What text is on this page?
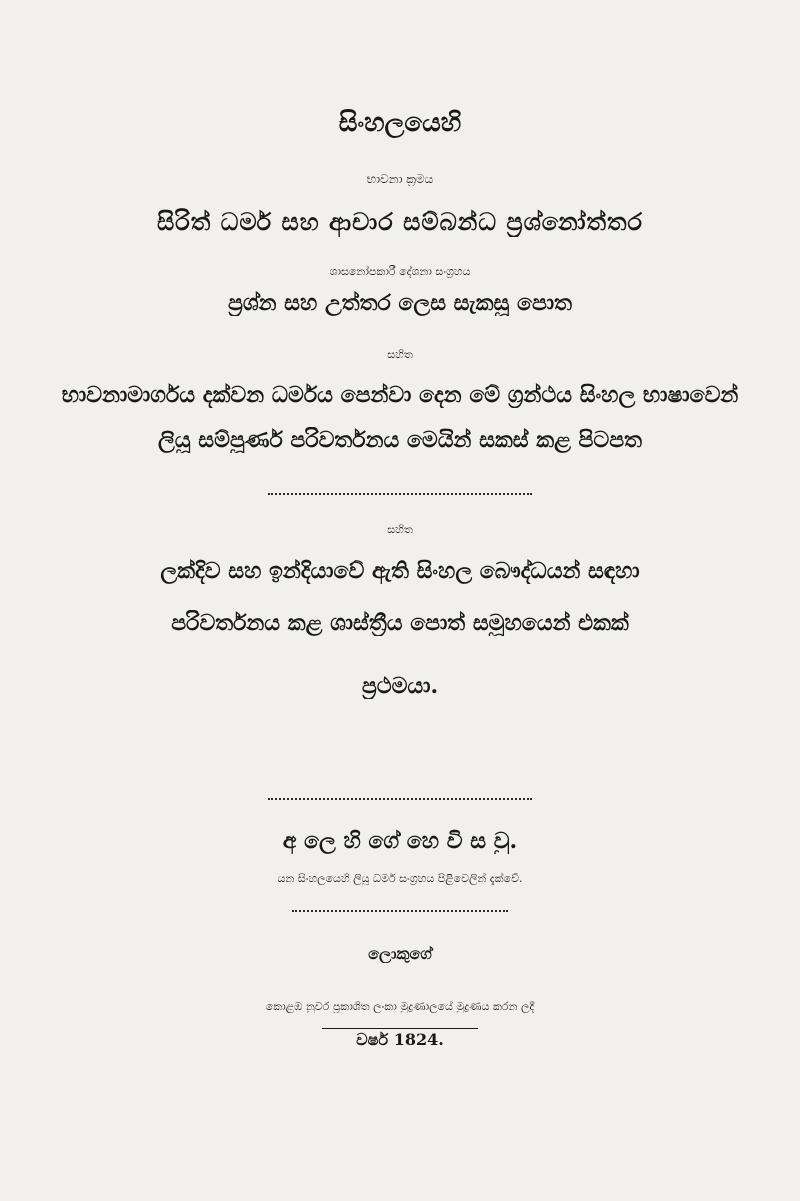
සිංහලයෙහි
භාවනා ක්‍රමය
සිරිත් ධර්ම සහ ආචාර සම්බන්ධ ප්‍රශ්නෝත්තර
ශාසනෝපකාරී දේශනා සංග්‍රහය
ප්‍රශ්න සහ උත්තර ලෙස සැකසූ පොත
සහිත
භාවනාමාර්ගය දක්වන ධර්මය පෙන්වා දෙන මේ ග්‍රන්ථය සිංහල භාෂාවෙන්
ලියූ සම්පූර්ණ පරිවර්තනය මෙයින් සකස් කළ පිටපත
සහිත
ලක්දිව සහ ඉන්දියාවේ ඇති සිංහල බෞද්ධයන් සඳහා
පරිවර්තනය කළ ශාස්ත්‍රීය පොත් සමූහයෙන් එකක්
ප්‍රථමයා.
අ ලෙ හි ගේ හෙ වි ස වු.
යන සිංහලයෙහි ලියූ ධර්ම සංග්‍රහය පිළිවෙලින් දැක්වේ.
ලොකුගේ
කොළඹ නුවර ප්‍රකාශිත ලංකා මුද්‍රණාලයේ මුද්‍රණය කරන ලදී
වර්ෂ 1824.
